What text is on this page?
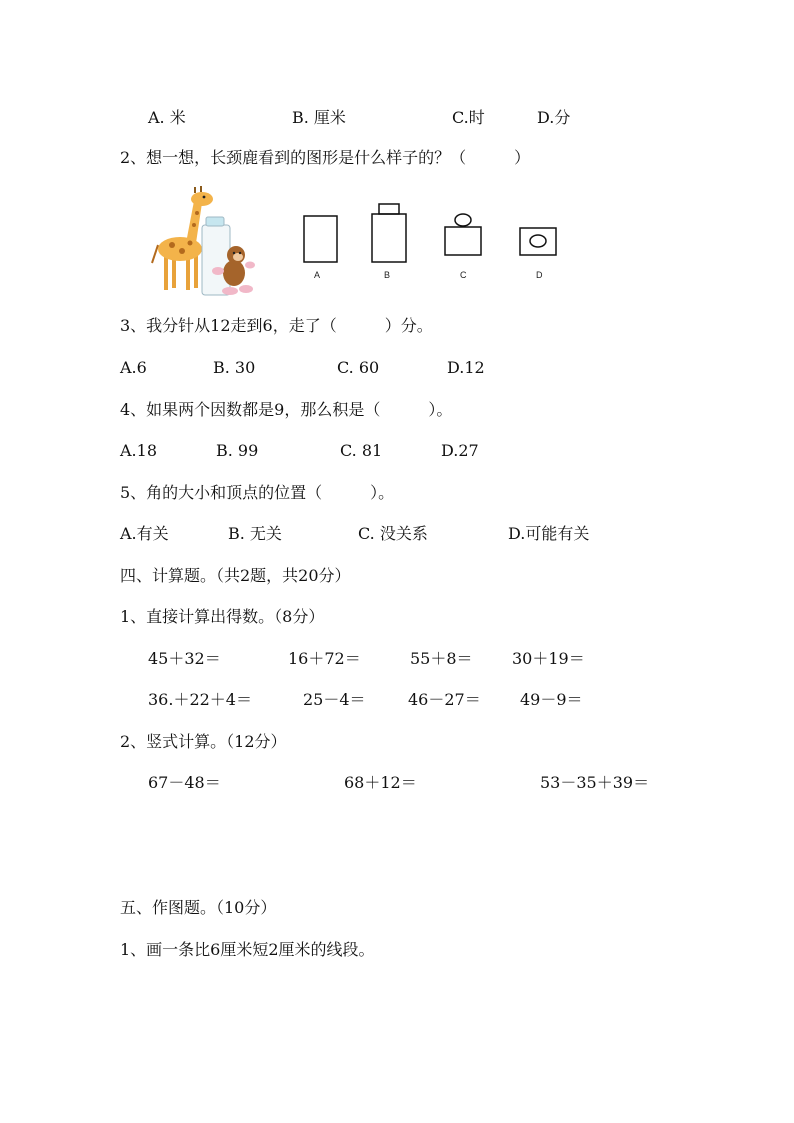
A. 米	B. 厘米	C.时	D.分
2、想一想，长颈鹿看到的图形是什么样子的？（　　　）
A	B	C	D
3、我分针从12走到6，走了（　　　）分。
A.6	B. 30	C. 60	D.12
4、如果两个因数都是9，那么积是（　　　）。
A.18	B. 99	C. 81	D.27
5、角的大小和顶点的位置（　　　）。
A.有关	B. 无关	C. 没关系	D.可能有关
四、计算题。（共2题，共20分）
1、直接计算出得数。（8分）
45＋32＝	16＋72＝	55＋8＝ 30＋19＝
36.＋22＋4＝	25－4＝	46－27＝ 49－9＝
2、竖式计算。（12分）
67－48＝	68＋12＝	53－35＋39＝
五、作图题。（10分）
1、画一条比6厘米短2厘米的线段。
